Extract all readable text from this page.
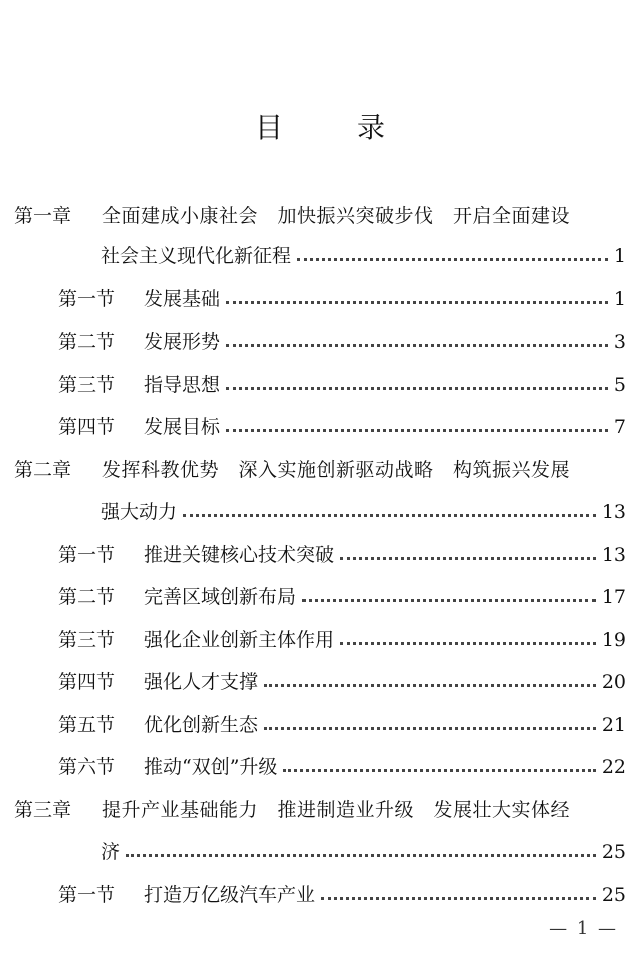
目录
第一章 全面建成小康社会　加快振兴突破步伐　开启全面建设
社会主义现代化新征程	1
第一节	发展基础	1
第二节	发展形势	3
第三节	指导思想	5
第四节	发展目标	7
第二章 发挥科教优势　深入实施创新驱动战略　构筑振兴发展
强大动力	13
第一节	推进关键核心技术突破	13
第二节	完善区域创新布局	17
第三节	强化企业创新主体作用	19
第四节	强化人才支撑	20
第五节	优化创新生态	21
第六节	推动“双创”升级	22
第三章 提升产业基础能力　推进制造业升级　发展壮大实体经
济	25
第一节	打造万亿级汽车产业	25
— 1 —
